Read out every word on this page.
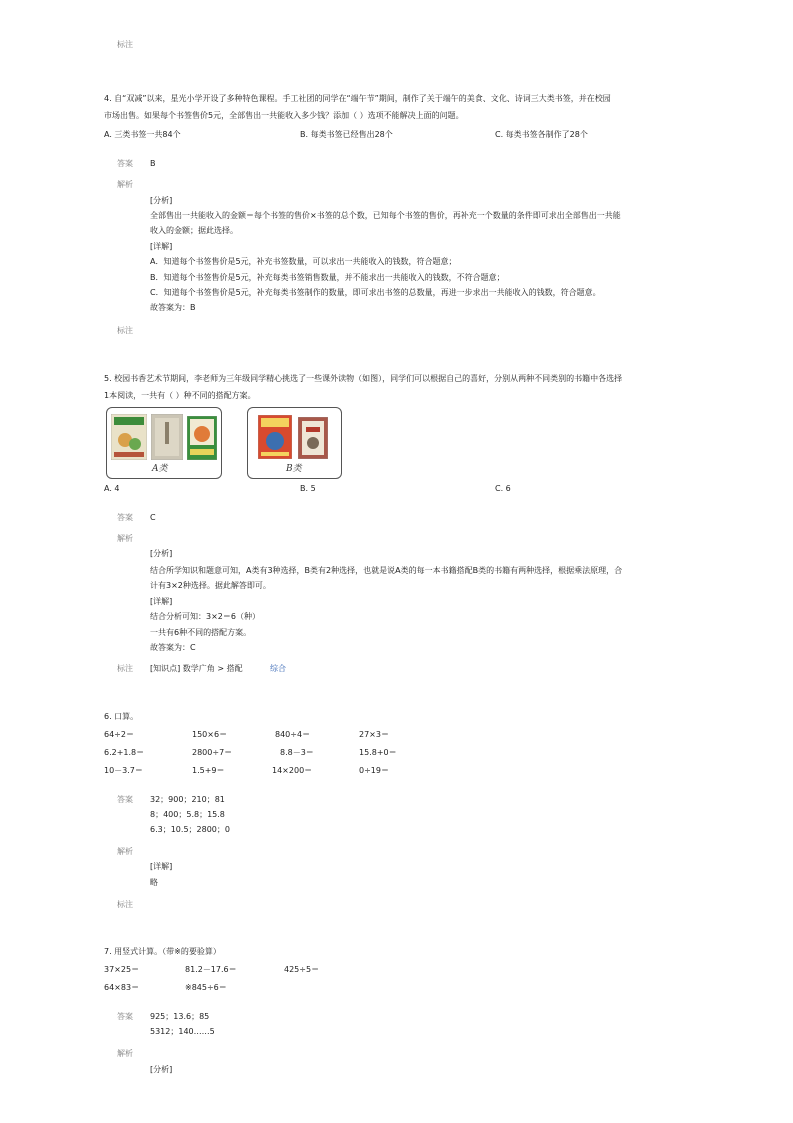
标注
4. 自“双减”以来，星光小学开设了多种特色课程。手工社团的同学在“端午节”期间，制作了关于端午的美食、文化、诗词三大类书签，并在校园
市场出售。如果每个书签售价5元，全部售出一共能收入多少钱？添加（ ）选项不能解决上面的问题。
A. 三类书签一共84个	B. 每类书签已经售出28个	C. 每类书签各制作了28个
答案 B
解析
[分析]
全部售出一共能收入的金额＝每个书签的售价×书签的总个数，已知每个书签的售价，再补充一个数量的条件即可求出全部售出一共能
收入的金额；据此选择。
[详解]
A．知道每个书签售价是5元，补充书签数量，可以求出一共能收入的钱数，符合题意；
B．知道每个书签售价是5元，补充每类书签销售数量，并不能求出一共能收入的钱数，不符合题意；
C．知道每个书签售价是5元，补充每类书签制作的数量，即可求出书签的总数量，再进一步求出一共能收入的钱数，符合题意。
故答案为：B
标注
5. 校园书香艺术节期间，李老师为三年级同学精心挑选了一些课外读物（如图），同学们可以根据自己的喜好，分别从两种不同类别的书籍中各选择
1本阅读，一共有（ ）种不同的搭配方案。
A类	B类
A. 4	B. 5	C. 6
答案 C
解析
[分析]
结合所学知识和题意可知，A类有3种选择，B类有2种选择，也就是说A类的每一本书籍搭配B类的书籍有两种选择，根据乘法原理，合
计有3×2种选择。据此解答即可。
[详解]
结合分析可知：3×2＝6（种）
一共有6种不同的搭配方案。
故答案为：C
标注 [知识点] 数学广角 > 搭配	综合
6. 口算。
64÷2＝	150×6＝	840÷4＝	27×3＝
6.2+1.8＝	2800÷7＝	8.8－3＝	15.8+0＝
10－3.7＝	1.5+9＝	14×200＝	0÷19＝
答案 32；900；210；81
8；400；5.8；15.8
6.3；10.5；2800；0
解析
[详解]
略
标注
7. 用竖式计算。（带※的要验算）
37×25＝	81.2－17.6＝	425÷5＝
64×83＝	※845÷6＝
答案 925；13.6；85
5312；140……5
解析
[分析]
